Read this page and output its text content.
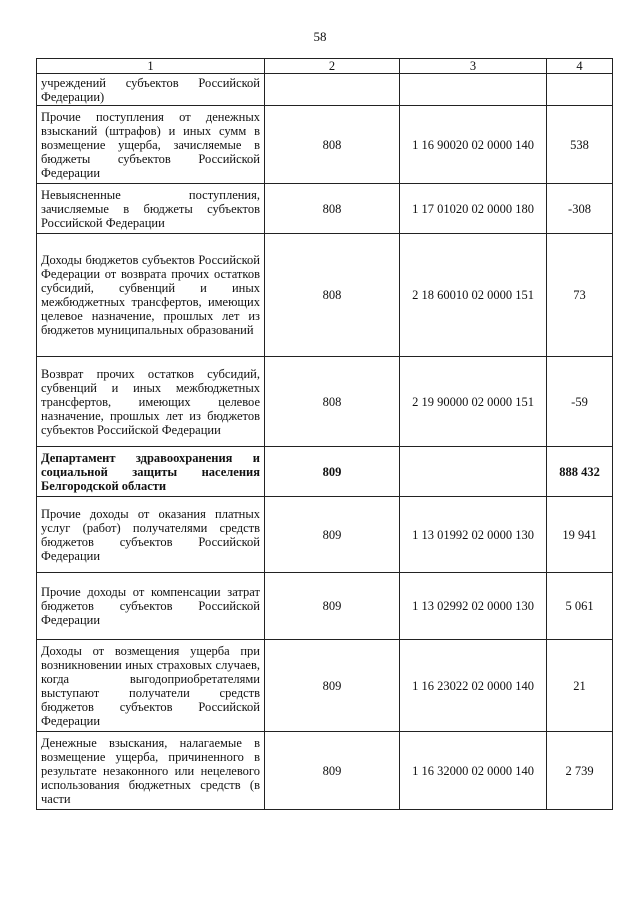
58
1	2	3	4
учреждений субъектов Российской Федерации)			
Прочие поступления от денежных взысканий (штрафов) и иных сумм в возмещение ущерба, зачисляемые в бюджеты субъектов Российской Федерации	808	1 16 90020 02 0000 140	538
Невыясненные поступления, зачисляемые в бюджеты субъектов Российской Федерации	808	1 17 01020 02 0000 180	-308
Доходы бюджетов субъектов Российской Федерации от возврата прочих остатков субсидий, субвенций и иных межбюджетных трансфертов, имеющих целевое назначение, прошлых лет из бюджетов муниципальных образований	808	2 18 60010 02 0000 151	73
Возврат прочих остатков субсидий, субвенций и иных межбюджетных трансфертов, имеющих целевое назначение, прошлых лет из бюджетов субъектов Российской Федерации	808	2 19 90000 02 0000 151	-59
Департамент здравоохранения и социальной защиты населения Белгородской области	809		888 432
Прочие доходы от оказания платных услуг (работ) получателями средств бюджетов субъектов Российской Федерации	809	1 13 01992 02 0000 130	19 941
Прочие доходы от компенсации затрат бюджетов субъектов Российской Федерации	809	1 13 02992 02 0000 130	5 061
Доходы от возмещения ущерба при возникновении иных страховых случаев, когда выгодоприобретателями выступают получатели средств бюджетов субъектов Российской Федерации	809	1 16 23022 02 0000 140	21
Денежные взыскания, налагаемые в возмещение ущерба, причиненного в результате незаконного или нецелевого использования бюджетных средств (в части	809	1 16 32000 02 0000 140	2 739
